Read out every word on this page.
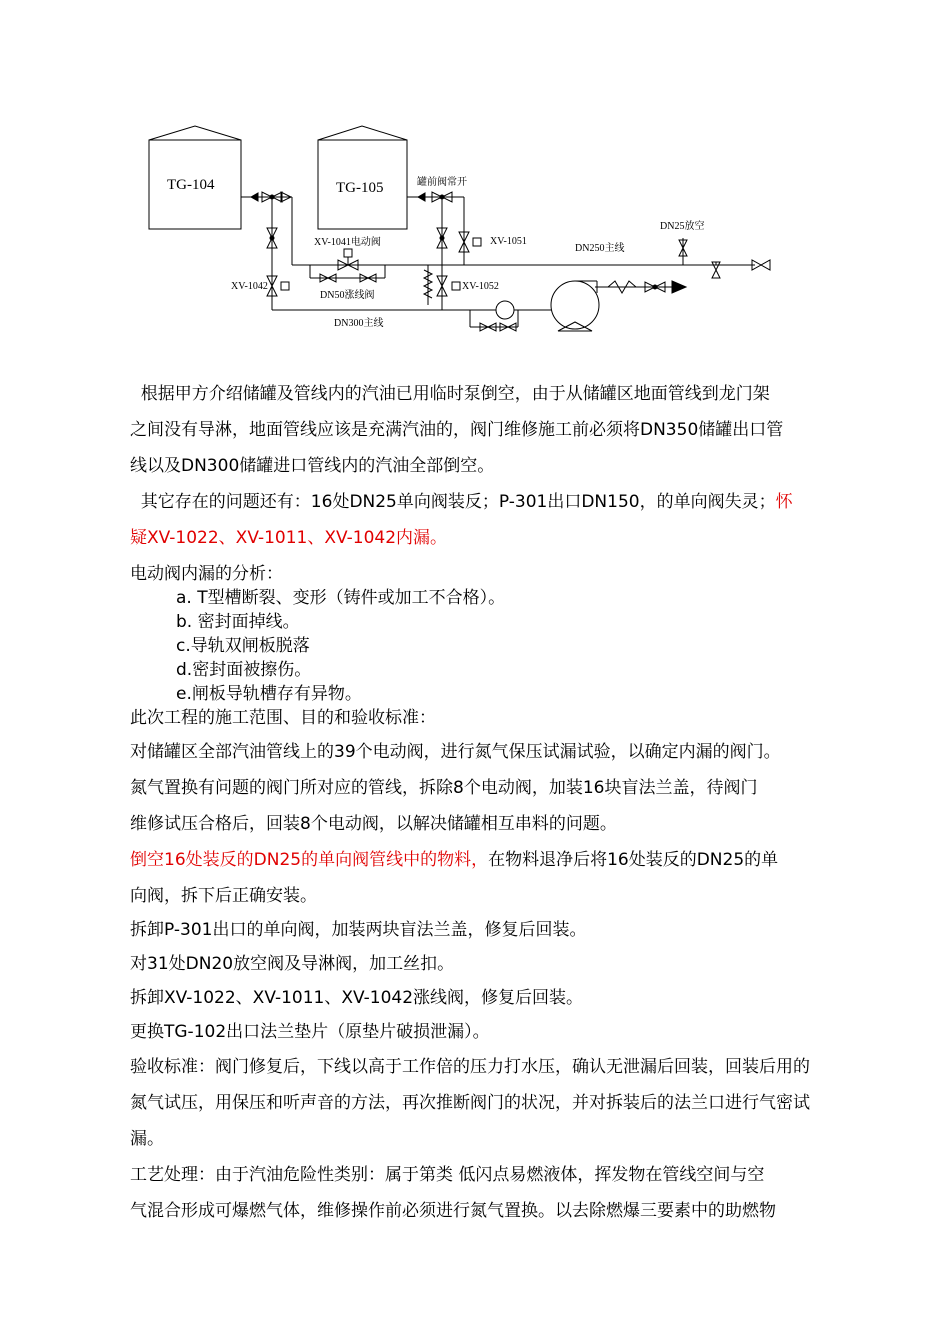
TG-104	TG-105	罐前阀常开
XV-1041电动阀	XV-1051
XV-1042	XV-1052
DN50涨线阀
DN300主线
DN250主线
DN25放空
根据甲方介绍储罐及管线内的汽油已用临时泵倒空，由于从储罐区地面管线到龙门架
之间没有导淋，地面管线应该是充满汽油的，阀门维修施工前必须将DN350储罐出口管
线以及DN300储罐进口管线内的汽油全部倒空。
其它存在的问题还有：16处DN25单向阀装反；P-301出口DN150，的单向阀失灵；怀
疑XV-1022、XV-1011、XV-1042内漏。
电动阀内漏的分析：
a. T型槽断裂、变形（铸件或加工不合格）。
b. 密封面掉线。
c.导轨双闸板脱落
d.密封面被擦伤。
e.闸板导轨槽存有异物。
此次工程的施工范围、目的和验收标准：
对储罐区全部汽油管线上的39个电动阀，进行氮气保压试漏试验，以确定内漏的阀门。
氮气置换有问题的阀门所对应的管线，拆除8个电动阀，加装16块盲法兰盖，待阀门
维修试压合格后，回装8个电动阀，以解决储罐相互串料的问题。
倒空16处装反的DN25的单向阀管线中的物料，在物料退净后将16处装反的DN25的单
向阀，拆下后正确安装。
拆卸P-301出口的单向阀，加装两块盲法兰盖，修复后回装。
对31处DN20放空阀及导淋阀，加工丝扣。
拆卸XV-1022、XV-1011、XV-1042涨线阀，修复后回装。
更换TG-102出口法兰垫片（原垫片破损泄漏）。
验收标准：阀门修复后，下线以高于工作倍的压力打水压，确认无泄漏后回装，回装后用的
氮气试压，用保压和听声音的方法，再次推断阀门的状况，并对拆装后的法兰口进行气密试
漏。
工艺处理：由于汽油危险性类别：属于第类 低闪点易燃液体，挥发物在管线空间与空
气混合形成可爆燃气体，维修操作前必须进行氮气置换。以去除燃爆三要素中的助燃物
